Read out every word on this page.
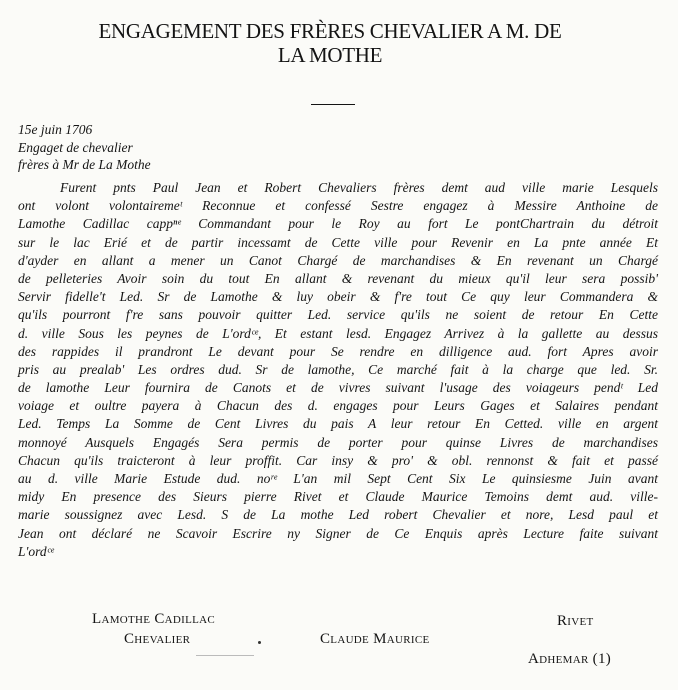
ENGAGEMENT DES FRÈRES CHEVALIER A M. DE
LA MOTHE
15e juin 1706
Engaget de chevalier
frères à Mr de La Mothe
Furent pnts Paul Jean et Robert Chevaliers frères demt aud ville marie Lesquels
ont volont volontairemeᵗ Reconnue et confessé Sestre engagez à Messire Anthoine de
Lamothe Cadillac cappⁿᵉ Commandant pour le Roy au fort Le pontChartrain du détroit
sur le lac Erié et de partir incessamt de Cette ville pour Revenir en La pnte année Et
d'ayder en allant a mener un Canot Chargé de marchandises & En revenant un Chargé
de pelleteries Avoir soin du tout En allant & revenant du mieux qu'il leur sera possib'
Servir fidelle't Led. Sr de Lamothe & luy obeir & f're tout Ce quy leur Commandera &
qu'ils pourront f're sans pouvoir quitter Led. service qu'ils ne soient de retour En Cette
d. ville Sous les peynes de L'ordᶜᵉ, Et estant lesd. Engagez Arrivez à la gallette au dessus
des rappides il prandront Le devant pour Se rendre en dilligence aud. fort Apres avoir
pris au prealab' Les ordres dud. Sr de lamothe, Ce marché fait à la charge que led. Sr.
de lamothe Leur fournira de Canots et de vivres suivant l'usage des voiageurs pendᵗ Led
voiage et oultre payera à Chacun des d. engages pour Leurs Gages et Salaires pendant
Led. Temps La Somme de Cent Livres du pais A leur retour En Cetted. ville en argent
monnoyé Ausquels Engagés Sera permis de porter pour quinse Livres de marchandises
Chacun qu'ils traicteront à leur proffit. Car insy & pro' & obl. rennonst & fait et passé
au d. ville Marie Estude dud. noʳᵉ L'an mil Sept Cent Six Le quinsiesme Juin avant
midy En presence des Sieurs pierre Rivet et Claude Maurice Temoins demt aud. ville-
marie soussignez avec Lesd. S de La mothe Led robert Chevalier et nore, Lesd paul et
Jean ont déclaré ne Scavoir Escrire ny Signer de Ce Enquis après Lecture faite suivant
L'ordᶜᵉ
Lamothe Cadillac
Chevalier	Claude Maurice
Rivet
Adhemar (1)
